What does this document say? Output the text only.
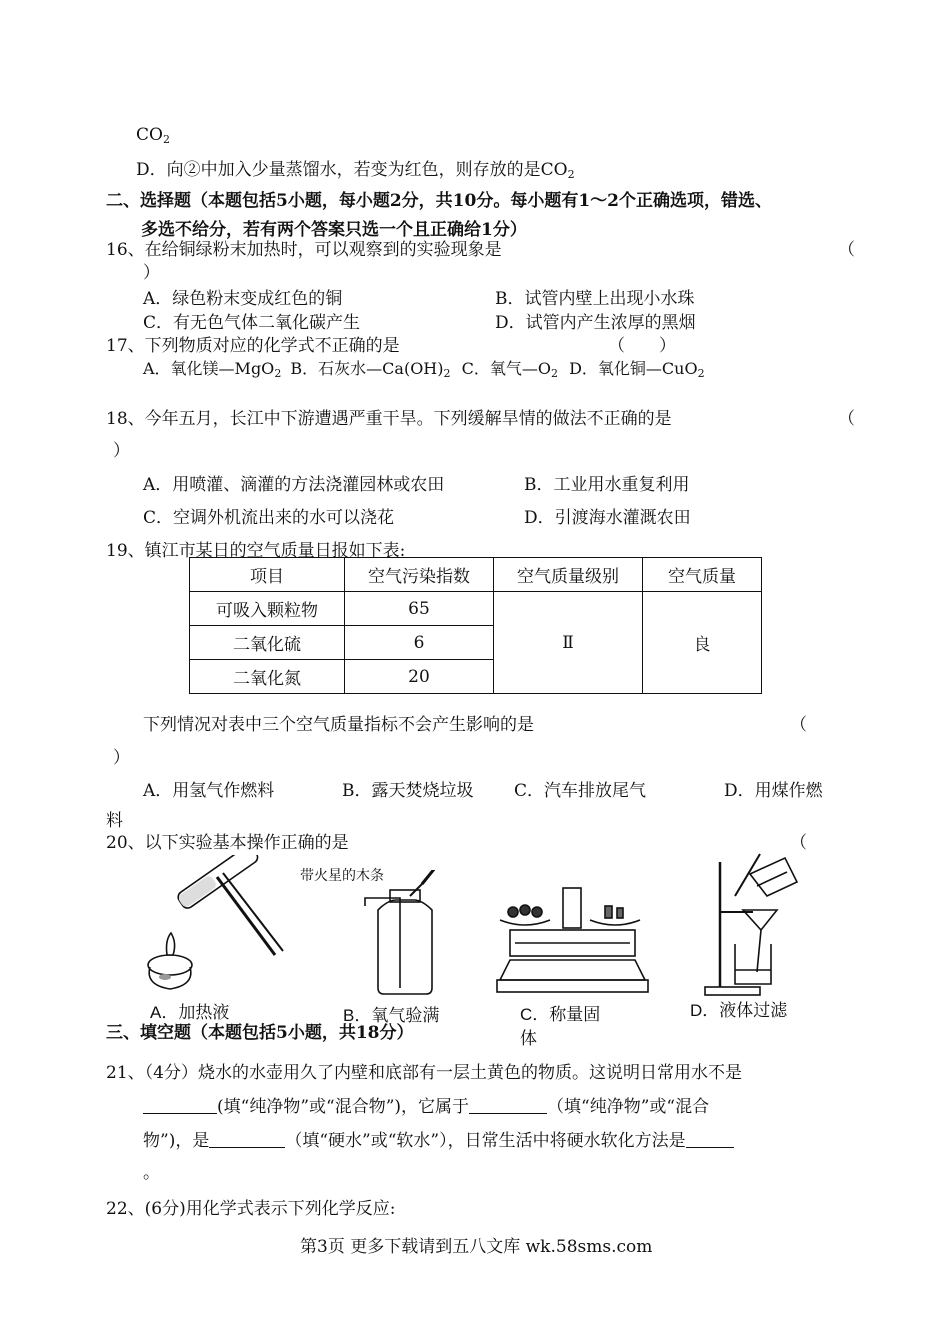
$CO_2$
D．向②中加入少量蒸馏水，若变为红色，则存放的是$CO_2$
二、选择题（本题包括5小题，每小题2分，共10分。每小题有1～2个正确选项，错选、
多选不给分，若有两个答案只选一个且正确给1分）
16、在给铜绿粉末加热时，可以观察到的实验现象是	（
）
A．绿色粉末变成红色的铜	B．试管内壁上出现小水珠
C．有无色气体二氧化碳产生	D．试管内产生浓厚的黑烟
17、下列物质对应的化学式不正确的是	（　　）
A．氧化镁—MgO$_2$ B．石灰水$—Ca(OH)_2$ C．氧气$—O_2$ D．氧化铜—CuO$_2$
18、今年五月，长江中下游遭遇严重干旱。下列缓解旱情的做法不正确的是	（
）
A．用喷灌、滴灌的方法浇灌园林或农田	B．工业用水重复利用
C．空调外机流出来的水可以浇花	D．引渡海水灌溉农田
19、镇江市某日的空气质量日报如下表:
项目	空气污染指数	空气质量级别	空气质量
可吸入颗粒物	65	Ⅱ	良
二氧化硫	6		
二氧化氮	20		
下列情况对表中三个空气质量指标不会产生影响的是	（
）
A．用氢气作燃料	B．露天焚烧垃圾 C．汽车排放尾气	D．用煤作燃
料
20、以下实验基本操作正确的是	（
带火星的木条
A．加热液	B．氧气验满	C．称量固
体
D．液体过滤
三、填空题（本题包括5小题，共18分）
21、（4分）烧水的水壶用久了内壁和底部有一层土黄色的物质。这说明日常用水不是
(填“纯净物”或“混合物”)，它属于	（填“纯净物”或“混合
物”)，是	（填“硬水”或“软水”），日常生活中将硬水软化方法是
。
22、(6分)用化学式表示下列化学反应:
第3页 更多下载请到五八文库 wk.58sms.com
